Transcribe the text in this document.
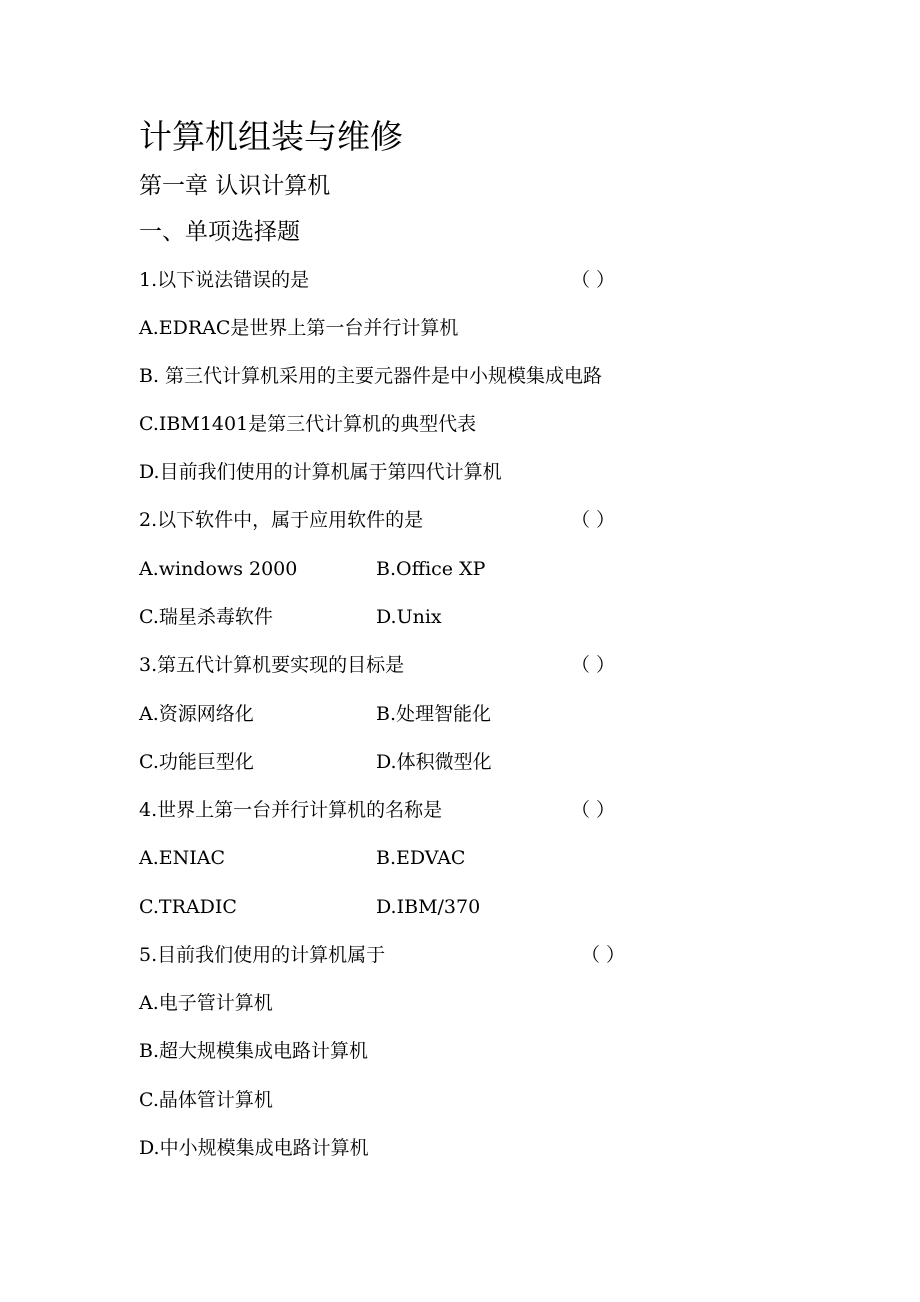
计算机组装与维修
第一章 认识计算机
一、单项选择题
1.以下说法错误的是	（ ）
A.EDRAC是世界上第一台并行计算机
B. 第三代计算机采用的主要元器件是中小规模集成电路
C.IBM1401是第三代计算机的典型代表
D.目前我们使用的计算机属于第四代计算机
2.以下软件中，属于应用软件的是	（ ）
A.windows 2000	B.Office XP
C.瑞星杀毒软件	D.Unix
3.第五代计算机要实现的目标是	（ ）
A.资源网络化	B.处理智能化
C.功能巨型化	D.体积微型化
4.世界上第一台并行计算机的名称是	（ ）
A.ENIAC	B.EDVAC
C.TRADIC	D.IBM/370
5.目前我们使用的计算机属于	（ ）
A.电子管计算机
B.超大规模集成电路计算机
C.晶体管计算机
D.中小规模集成电路计算机
